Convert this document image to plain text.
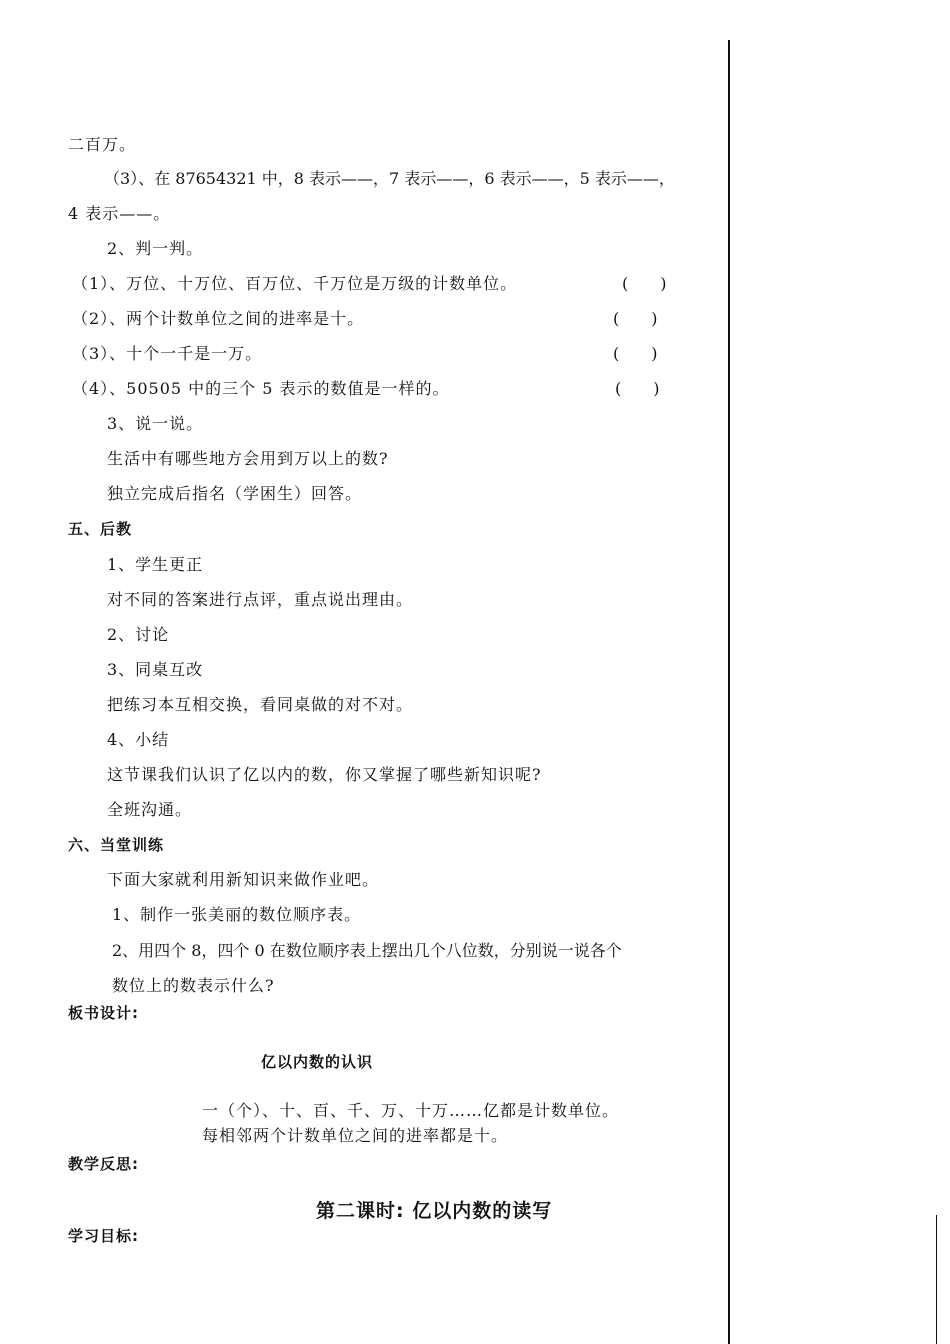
二百万。
（3）、在 87654321 中，8 表示——，7 表示——，6 表示——，5 表示——，
4 表示——。
2、判一判。
（1）、万位、十万位、百万位、千万位是万级的计数单位。	(　　)
（2）、两个计数单位之间的进率是十。	(　　)
（3）、十个一千是一万。	(　　)
（4）、50505 中的三个 5 表示的数值是一样的。	(　　)
3、说一说。
生活中有哪些地方会用到万以上的数?
独立完成后指名（学困生）回答。
五、后教
1、学生更正
对不同的答案进行点评，重点说出理由。
2、讨论
3、同桌互改
把练习本互相交换，看同桌做的对不对。
4、小结
这节课我们认识了亿以内的数，你又掌握了哪些新知识呢?
全班沟通。
六、当堂训练
下面大家就利用新知识来做作业吧。
1、制作一张美丽的数位顺序表。
2、用四个 8，四个 0 在数位顺序表上摆出几个八位数，分别说一说各个
数位上的数表示什么?
板书设计:
亿以内数的认识
一（个）、十、百、千、万、十万……亿都是计数单位。
每相邻两个计数单位之间的进率都是十。
教学反思:
第二课时: 亿以内数的读写
学习目标:
